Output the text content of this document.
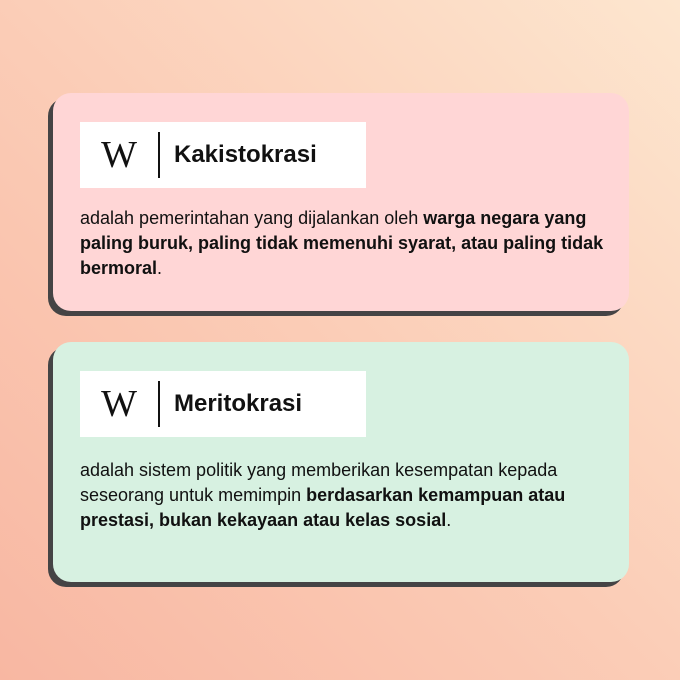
W	Kakistokrasi

adalah pemerintahan yang dijalankan oleh warga negara yang paling buruk, paling tidak memenuhi syarat, atau paling tidak bermoral.

W	Meritokrasi

adalah sistem politik yang memberikan kesempatan kepada seseorang untuk memimpin berdasarkan kemampuan atau prestasi, bukan kekayaan atau kelas sosial.
